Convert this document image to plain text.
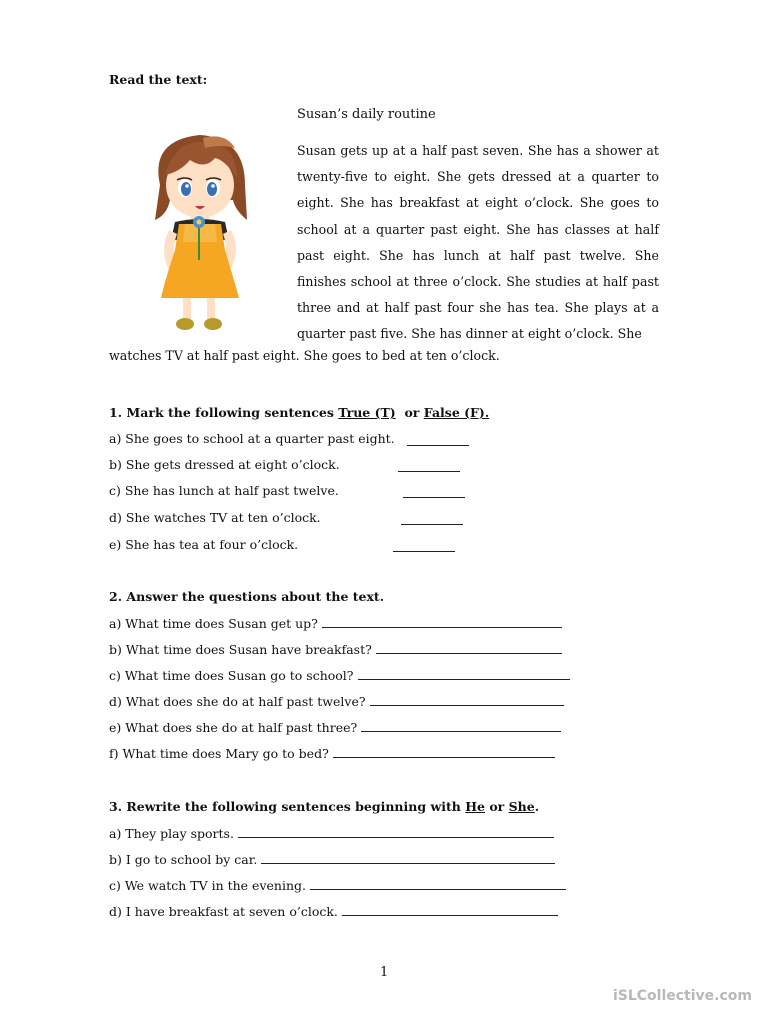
Read the text:
Susan’s daily routine
Susan gets up at a half past seven. She has a shower at twenty-five to eight. She gets dressed at a quarter to eight. She has breakfast at eight o’clock. She goes to school at a quarter past eight. She has classes at half past eight. She has lunch at half past twelve. She finishes school at three o’clock. She studies at half past three and at half past four she has tea. She plays at a quarter past five. She has dinner at eight o’clock. She
watches TV at half past eight. She goes to bed at ten o’clock.
1. Mark the following sentences True (T) or False (F).
a) She goes to school at a quarter past eight.
b) She gets dressed at eight o’clock.
c) She has lunch at half past twelve.
d) She watches TV at ten o’clock.
e) She has tea at four o’clock.
2. Answer the questions about the text.
a) What time does Susan get up?
b) What time does Susan have breakfast?
c) What time does Susan go to school?
d) What does she do at half past twelve?
e) What does she do at half past three?
f) What time does Mary go to bed?
3. Rewrite the following sentences beginning with He or She.
a) They play sports.
b) I go to school by car.
c) We watch TV in the evening.
d) I have breakfast at seven o’clock.
1
iSLCollective.com
